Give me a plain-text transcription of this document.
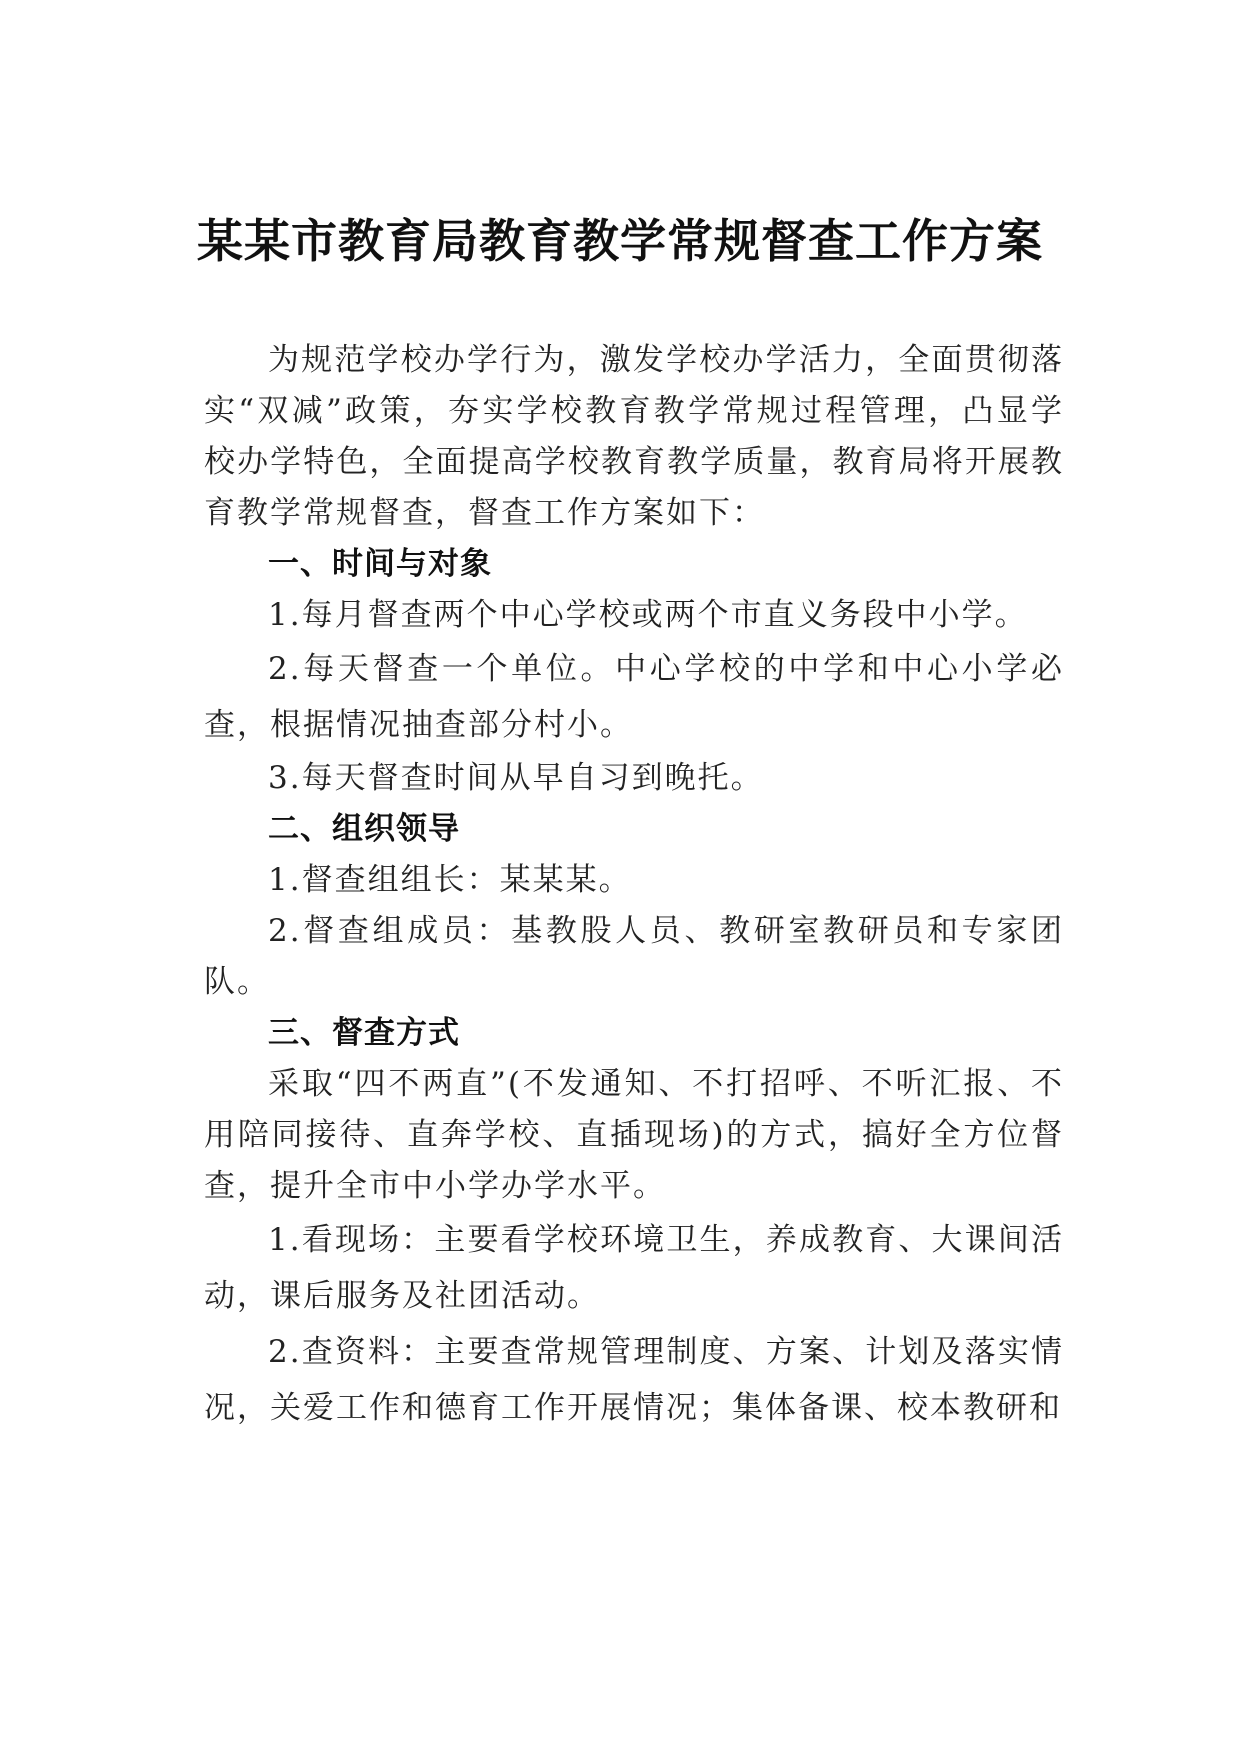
某某市教育局教育教学常规督查工作方案

为规范学校办学行为，激发学校办学活力，全面贯彻落实“双减”政策，夯实学校教育教学常规过程管理，凸显学校办学特色，全面提高学校教育教学质量，教育局将开展教育教学常规督查，督查工作方案如下：

一、时间与对象

1.每月督查两个中心学校或两个市直义务段中小学。

2.每天督查一个单位。中心学校的中学和中心小学必查，根据情况抽查部分村小。

3.每天督查时间从早自习到晚托。

二、组织领导

1.督查组组长：某某某。

2.督查组成员：基教股人员、教研室教研员和专家团队。

三、督查方式

采取“四不两直”(不发通知、不打招呼、不听汇报、不用陪同接待、直奔学校、直插现场)的方式，搞好全方位督查，提升全市中小学办学水平。

1.看现场：主要看学校环境卫生，养成教育、大课间活动，课后服务及社团活动。

2.查资料：主要查常规管理制度、方案、计划及落实情况，关爱工作和德育工作开展情况；集体备课、校本教研和
